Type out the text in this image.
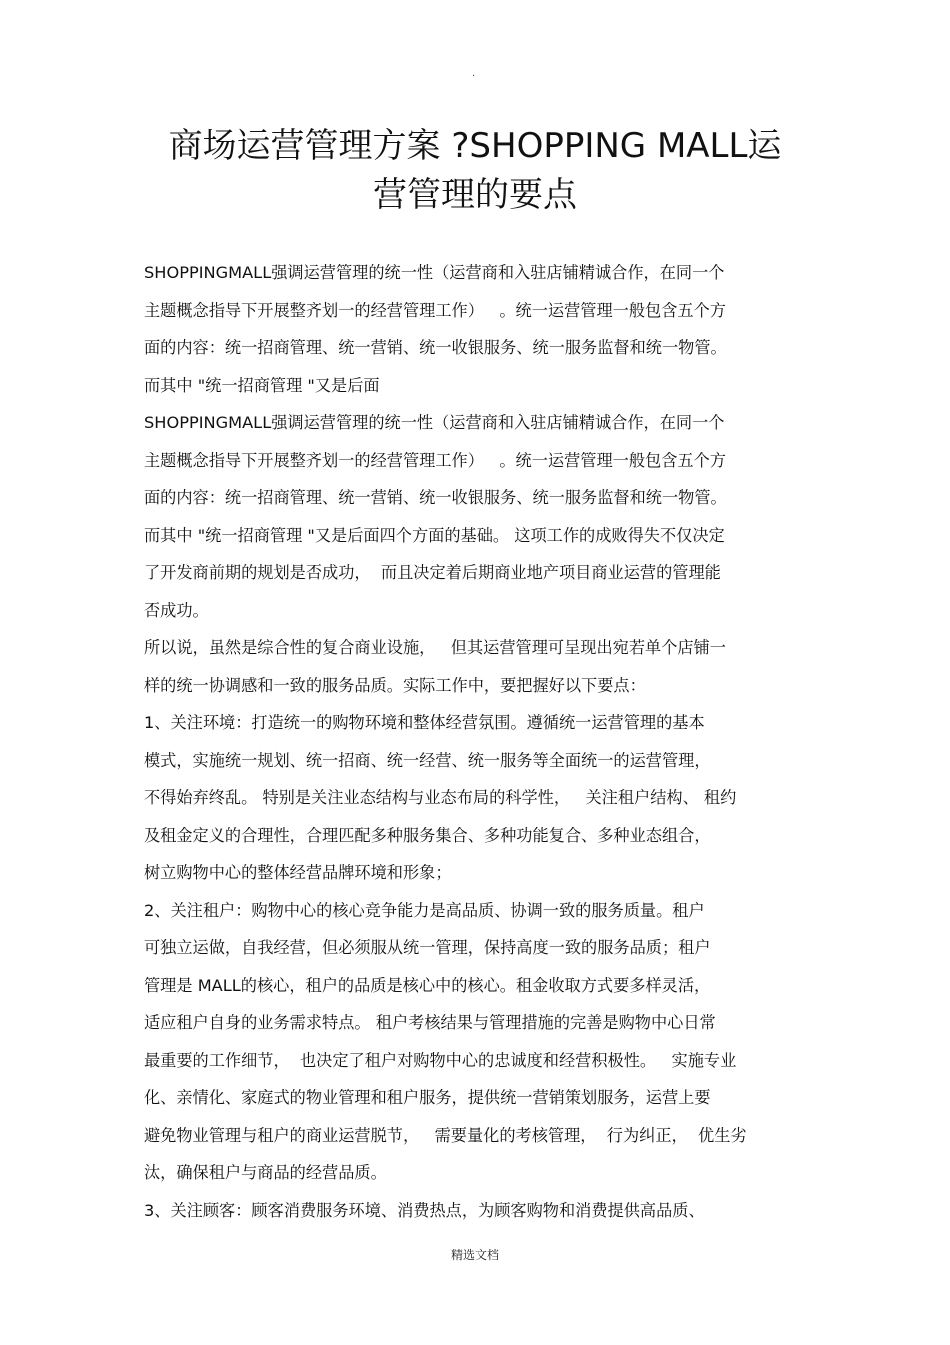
·
商场运营管理方案 ?SHOPPING MALL运
营管理的要点
SHOPPINGMALL强调运营管理的统一性（运营商和入驻店铺精诚合作，在同一个
主题概念指导下开展整齐划一的经营管理工作）   。统一运营管理一般包含五个方
面的内容：统一招商管理、统一营销、统一收银服务、统一服务监督和统一物管。
而其中 "统一招商管理 "又是后面
SHOPPINGMALL强调运营管理的统一性（运营商和入驻店铺精诚合作，在同一个
主题概念指导下开展整齐划一的经营管理工作）   。统一运营管理一般包含五个方
面的内容：统一招商管理、统一营销、统一收银服务、统一服务监督和统一物管。
而其中 "统一招商管理 "又是后面四个方面的基础。 这项工作的成败得失不仅决定
了开发商前期的规划是否成功，  而且决定着后期商业地产项目商业运营的管理能
否成功。
所以说，虽然是综合性的复合商业设施，   但其运营管理可呈现出宛若单个店铺一
样的统一协调感和一致的服务品质。实际工作中，要把握好以下要点：
1、关注环境：打造统一的购物环境和整体经营氛围。遵循统一运营管理的基本
模式，实施统一规划、统一招商、统一经营、统一服务等全面统一的运营管理，
不得始弃终乱。 特别是关注业态结构与业态布局的科学性，   关注租户结构、 租约
及租金定义的合理性，合理匹配多种服务集合、多种功能复合、多种业态组合，
树立购物中心的整体经营品牌环境和形象；
2、关注租户：购物中心的核心竞争能力是高品质、协调一致的服务质量。租户
可独立运做，自我经营，但必须服从统一管理，保持高度一致的服务品质；租户
管理是 MALL的核心，租户的品质是核心中的核心。租金收取方式要多样灵活，
适应租户自身的业务需求特点。 租户考核结果与管理措施的完善是购物中心日常
最重要的工作细节，  也决定了租户对购物中心的忠诚度和经营积极性。   实施专业
化、亲情化、家庭式的物业管理和租户服务，提供统一营销策划服务，运营上要
避免物业管理与租户的商业运营脱节，   需要量化的考核管理，  行为纠正，  优生劣
汰，确保租户与商品的经营品质。
3、关注顾客：顾客消费服务环境、消费热点，为顾客购物和消费提供高品质、
精选文档
